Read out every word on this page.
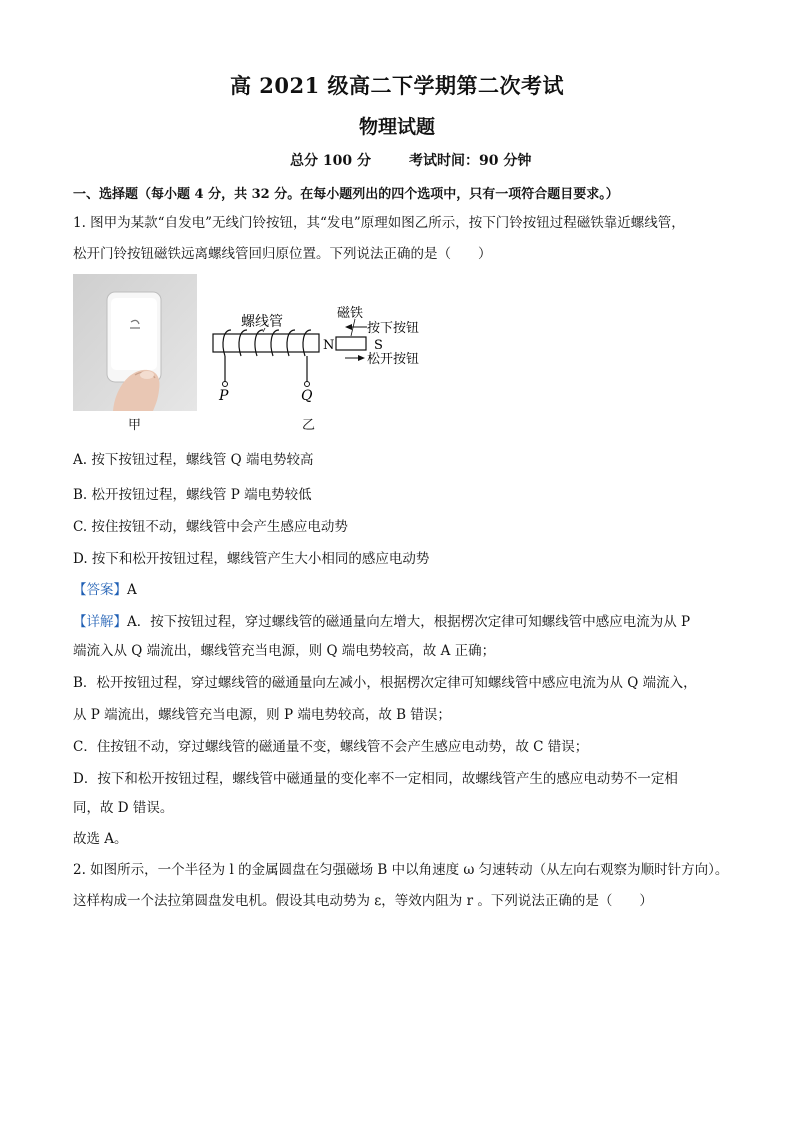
高 2021 级高二下学期第二次考试
物理试题
总分 100 分	考试时间：90 分钟
一、选择题（每小题 4 分，共 32 分。在每小题列出的四个选项中，只有一项符合题目要求。）
1. 图甲为某款“自发电”无线门铃按钮，其“发电”原理如图乙所示，按下门铃按钮过程磁铁靠近螺线管，
松开门铃按钮磁铁远离螺线管回归原位置。下列说法正确的是（　　）
甲
P	Q
螺线管
N	S
磁铁
按下按钮
松开按钮
乙
A. 按下按钮过程，螺线管 Q 端电势较高
B. 松开按钮过程，螺线管 P 端电势较低
C. 按住按钮不动，螺线管中会产生感应电动势
D. 按下和松开按钮过程，螺线管产生大小相同的感应电动势
【答案】A
【详解】A．按下按钮过程，穿过螺线管的磁通量向左增大，根据楞次定律可知螺线管中感应电流为从 P
端流入从 Q 端流出，螺线管充当电源，则 Q 端电势较高，故 A 正确；
B．松开按钮过程，穿过螺线管的磁通量向左减小，根据楞次定律可知螺线管中感应电流为从 Q 端流入，
从 P 端流出，螺线管充当电源，则 P 端电势较高，故 B 错误；
C．住按钮不动，穿过螺线管的磁通量不变，螺线管不会产生感应电动势，故 C 错误；
D．按下和松开按钮过程，螺线管中磁通量的变化率不一定相同，故螺线管产生的感应电动势不一定相
同，故 D 错误。
故选 A。
2. 如图所示，一个半径为 l 的金属圆盘在匀强磁场 B 中以角速度 ω 匀速转动（从左向右观察为顺时针方向）。
这样构成一个法拉第圆盘发电机。假设其电动势为 ε，等效内阻为 r 。下列说法正确的是（　　）
